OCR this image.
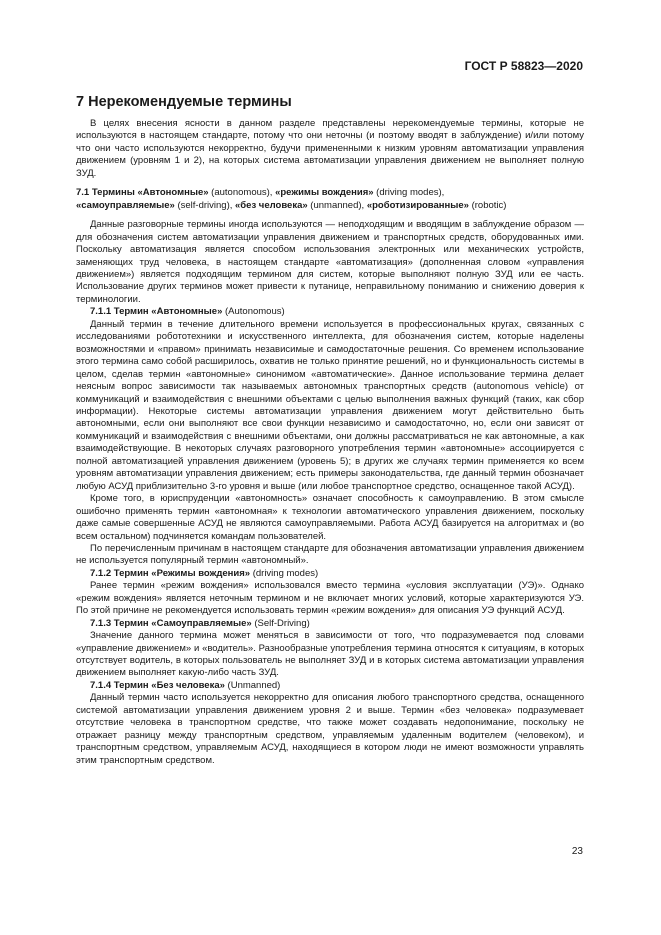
ГОСТ Р 58823—2020
7 Нерекомендуемые термины

В целях внесения ясности в данном разделе представлены нерекомендуемые термины, которые не используются в настоящем стандарте, потому что они неточны (и поэтому вводят в заблуждение) и/или потому что они часто используются некорректно, будучи примененными к низким уровням автоматизации управления движением (уровням 1 и 2), на которых система автоматизации управления движением не выполняет полную ЗУД.

7.1 Термины «Автономные» (autonomous), «режимы вождения» (driving modes),
«самоуправляемые» (self-driving), «без человека» (unmanned), «роботизированные» (robotic)

Данные разговорные термины иногда используются — неподходящим и вводящим в заблуждение образом — для обозначения систем автоматизации управления движением и транспортных средств, оборудованных ими. Поскольку автоматизация является способом использования электронных или механических устройств, заменяющих труд человека, в настоящем стандарте «автоматизация» (дополненная словом «управления движением») является подходящим термином для систем, которые выполняют полную ЗУД или ее часть. Использование других терминов может привести к путанице, неправильному пониманию и снижению доверия к терминологии.

7.1.1 Термин «Автономные» (Autonomous)

Данный термин в течение длительного времени используется в профессиональных кругах, связанных с исследованиями робототехники и искусственного интеллекта, для обозначения систем, которые наделены возможностями и «правом» принимать независимые и самодостаточные решения. Со временем использование этого термина само собой расширилось, охватив не только принятие решений, но и функциональность системы в целом, сделав термин «автономные» синонимом «автоматические». Данное использование термина делает неясным вопрос зависимости так называемых автономных транспортных средств (autonomous vehicle) от коммуникаций и взаимодействия с внешними объектами с целью выполнения важных функций (таких, как сбор информации). Некоторые системы автоматизации управления движением могут действительно быть автономными, если они выполняют все свои функции независимо и самодостаточно, но, если они зависят от коммуникаций и взаимодействия с внешними объектами, они должны рассматриваться не как автономные, а как взаимодействующие. В некоторых случаях разговорного употребления термин «автономные» ассоциируется с полной автоматизацией управления движением (уровень 5); в других же случаях термин применяется ко всем уровням автоматизации управления движением; есть примеры законодательства, где данный термин обозначает любую АСУД приблизительно 3-го уровня и выше (или любое транспортное средство, оснащенное такой АСУД).

Кроме того, в юриспруденции «автономность» означает способность к самоуправлению. В этом смысле ошибочно применять термин «автономная» к технологии автоматического управления движением, поскольку даже самые совершенные АСУД не являются самоуправляемыми. Работа АСУД базируется на алгоритмах и (во всем остальном) подчиняется командам пользователей.

По перечисленным причинам в настоящем стандарте для обозначения автоматизации управления движением не используется популярный термин «автономный».

7.1.2 Термин «Режимы вождения» (driving modes)

Ранее термин «режим вождения» использовался вместо термина «условия эксплуатации (УЭ)». Однако «режим вождения» является неточным термином и не включает многих условий, которые характеризуются УЭ. По этой причине не рекомендуется использовать термин «режим вождения» для описания УЭ функций АСУД.

7.1.3 Термин «Самоуправляемые» (Self-Driving)

Значение данного термина может меняться в зависимости от того, что подразумевается под словами «управление движением» и «водитель». Разнообразные употребления термина относятся к ситуациям, в которых отсутствует водитель, в которых пользователь не выполняет ЗУД и в которых система автоматизации управления движением выполняет какую-либо часть ЗУД.

7.1.4 Термин «Без человека» (Unmanned)

Данный термин часто используется некорректно для описания любого транспортного средства, оснащенного системой автоматизации управления движением уровня 2 и выше. Термин «без человека» подразумевает отсутствие человека в транспортном средстве, что также может создавать недопонимание, поскольку не отражает разницу между транспортным средством, управляемым удаленным водителем (человеком), и транспортным средством, управляемым АСУД, находящиеся в котором люди не имеют возможности управлять этим транспортным средством.

23
